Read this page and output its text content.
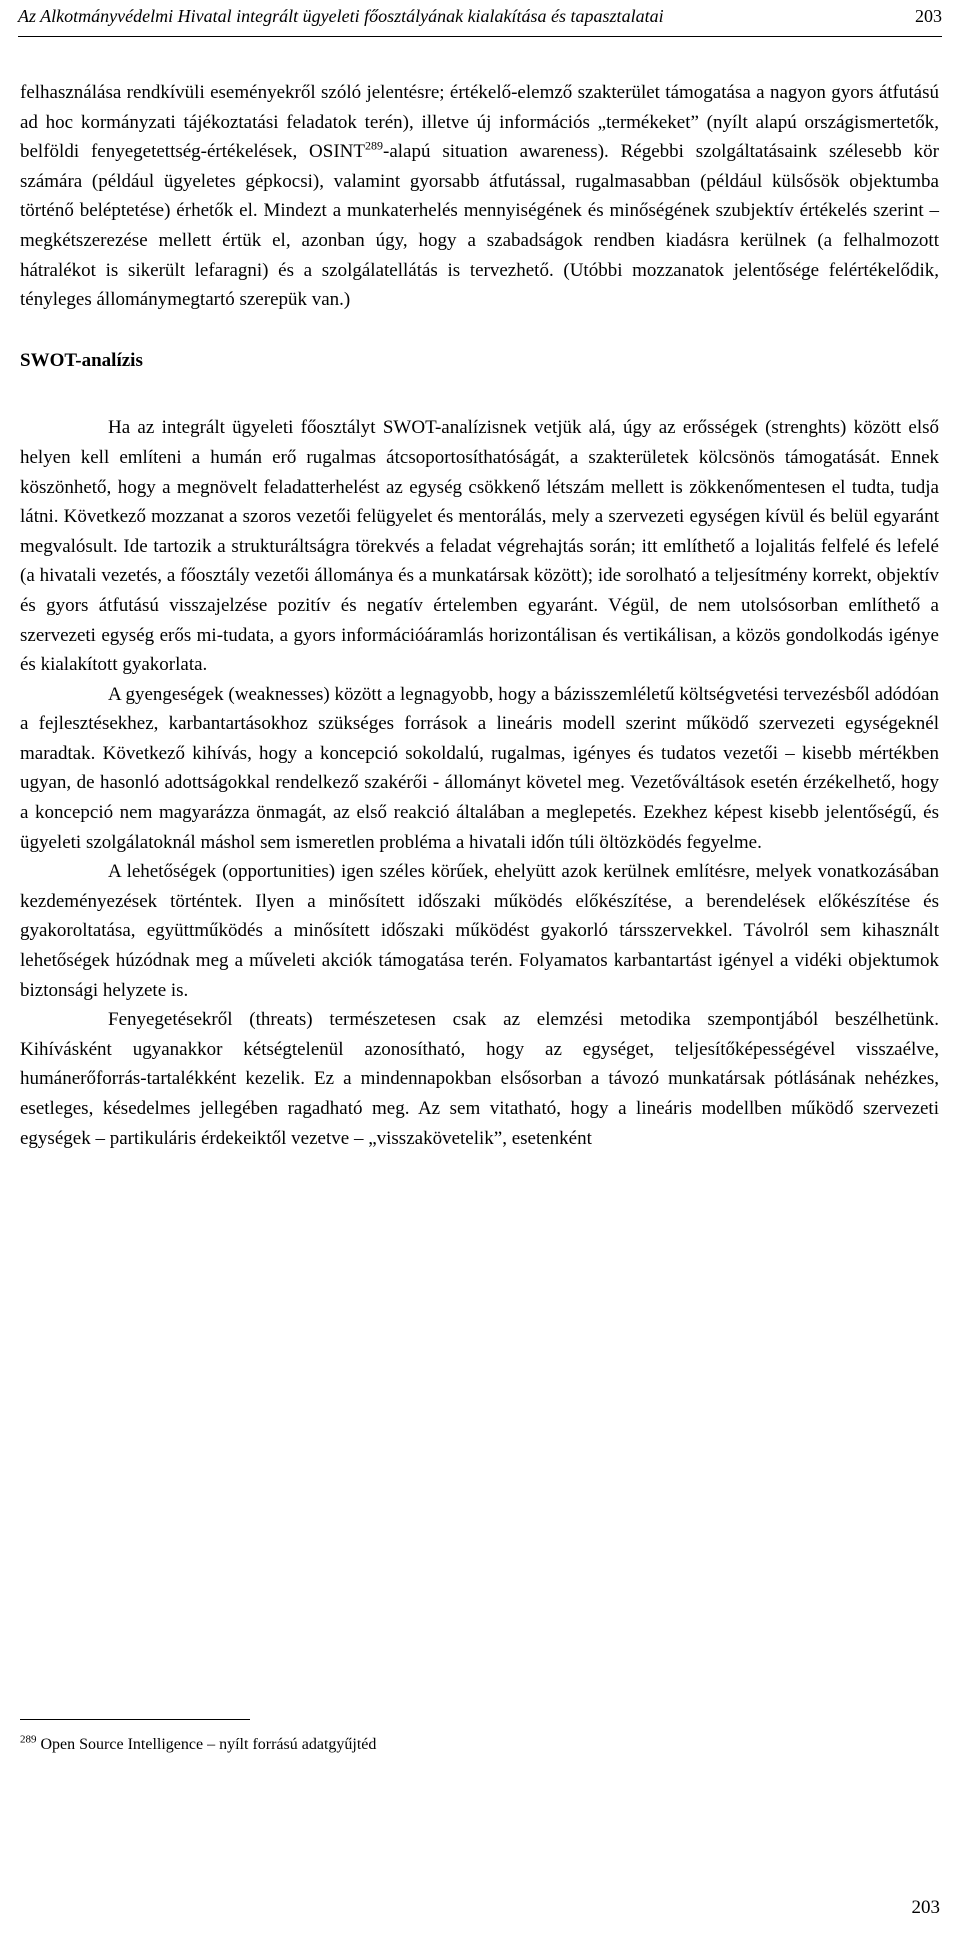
Az Alkotmányvédelmi Hivatal integrált ügyeleti főosztályának kialakítása és tapasztalatai	203

felhasználása rendkívüli eseményekről szóló jelentésre; értékelő-elemző szakterület támogatása a nagyon gyors átfutású ad hoc kormányzati tájékoztatási feladatok terén), illetve új információs „termékeket” (nyílt alapú országismertetők, belföldi fenyegetettség-értékelések, OSINT$^{289}$-alapú situation awareness). Régebbi szolgáltatásaink szélesebb kör számára (például ügyeletes gépkocsi), valamint gyorsabb átfutással, rugalmasabban (például külsősök objektumba történő beléptetése) érhetők el. Mindezt a munkaterhelés mennyiségének és minőségének szubjektív értékelés szerint – megkétszerezése mellett értük el, azonban úgy, hogy a szabadságok rendben kiadásra kerülnek (a felhalmozott hátralékot is sikerült lefaragni) és a szolgálatellátás is tervezhető. (Utóbbi mozzanatok jelentősége felértékelődik, tényleges állománymegtartó szerepük van.)

SWOT-analízis

Ha az integrált ügyeleti főosztályt SWOT-analízisnek vetjük alá, úgy az erősségek (strenghts) között első helyen kell említeni a humán erő rugalmas átcsoportosíthatóságát, a szakterületek kölcsönös támogatását. Ennek köszönhető, hogy a megnövelt feladatterhelést az egység csökkenő létszám mellett is zökkenőmentesen el tudta, tudja látni. Következő mozzanat a szoros vezetői felügyelet és mentorálás, mely a szervezeti egységen kívül és belül egyaránt megvalósult. Ide tartozik a strukturáltságra törekvés a feladat végrehajtás során; itt említhető a lojalitás felfelé és lefelé (a hivatali vezetés, a főosztály vezetői állománya és a munkatársak között); ide sorolható a teljesítmény korrekt, objektív és gyors átfutású visszajelzése pozitív és negatív értelemben egyaránt. Végül, de nem utolsósorban említhető a szervezeti egység erős mi-tudata, a gyors információáramlás horizontálisan és vertikálisan, a közös gondolkodás igénye és kialakított gyakorlata.

A gyengeségek (weaknesses) között a legnagyobb, hogy a bázisszemléletű költségvetési tervezésből adódóan a fejlesztésekhez, karbantartásokhoz szükséges források a lineáris modell szerint működő szervezeti egységeknél maradtak. Következő kihívás, hogy a koncepció sokoldalú, rugalmas, igényes és tudatos vezetői – kisebb mértékben ugyan, de hasonló adottságokkal rendelkező szakérői - állományt követel meg. Vezetőváltások esetén érzékelhető, hogy a koncepció nem magyarázza önmagát, az első reakció általában a meglepetés. Ezekhez képest kisebb jelentőségű, és ügyeleti szolgálatoknál máshol sem ismeretlen probléma a hivatali időn túli öltözködés fegyelme.

A lehetőségek (opportunities) igen széles körűek, ehelyütt azok kerülnek említésre, melyek vonatkozásában kezdeményezések történtek. Ilyen a minősített időszaki működés előkészítése, a berendelések előkészítése és gyakoroltatása, együttműködés a minősített időszaki működést gyakorló társszervekkel. Távolról sem kihasznált lehetőségek húzódnak meg a műveleti akciók támogatása terén. Folyamatos karbantartást igényel a vidéki objektumok biztonsági helyzete is.

Fenyegetésekről (threats) természetesen csak az elemzési metodika szempontjából beszélhetünk. Kihívásként ugyanakkor kétségtelenül azonosítható, hogy az egységet, teljesítőképességével visszaélve, humánerőforrás-tartalékként kezelik. Ez a mindennapokban elsősorban a távozó munkatársak pótlásának nehézkes, esetleges, késedelmes jellegében ragadható meg. Az sem vitatható, hogy a lineáris modellben működő szervezeti egységek – partikuláris érdekeiktől vezetve – „visszakövetelik”, esetenként

$^{289}$ Open Source Intelligence – nyílt forrású adatgyűjtéd
203
